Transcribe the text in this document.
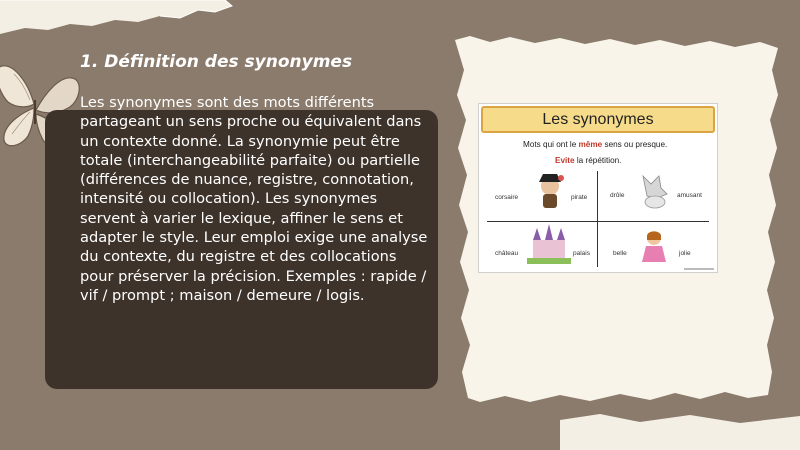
1. Définition des synonymes
Les synonymes sont des mots différents partageant un sens proche ou équivalent dans un contexte donné. La synonymie peut être totale (interchangeabilité parfaite) ou partielle (différences de nuance, registre, connotation, intensité ou collocation). Les synonymes servent à varier le lexique, affiner le sens et adapter le style. Leur emploi exige une analyse du contexte, du registre et des collocations pour préserver la précision. Exemples : rapide / vif / prompt ; maison / demeure / logis.
Les synonymes
Mots qui ont le même sens ou presque.
Evite la répétition.
corsaire	pirate	drôle	amusant
château	palais	belle	jolie
